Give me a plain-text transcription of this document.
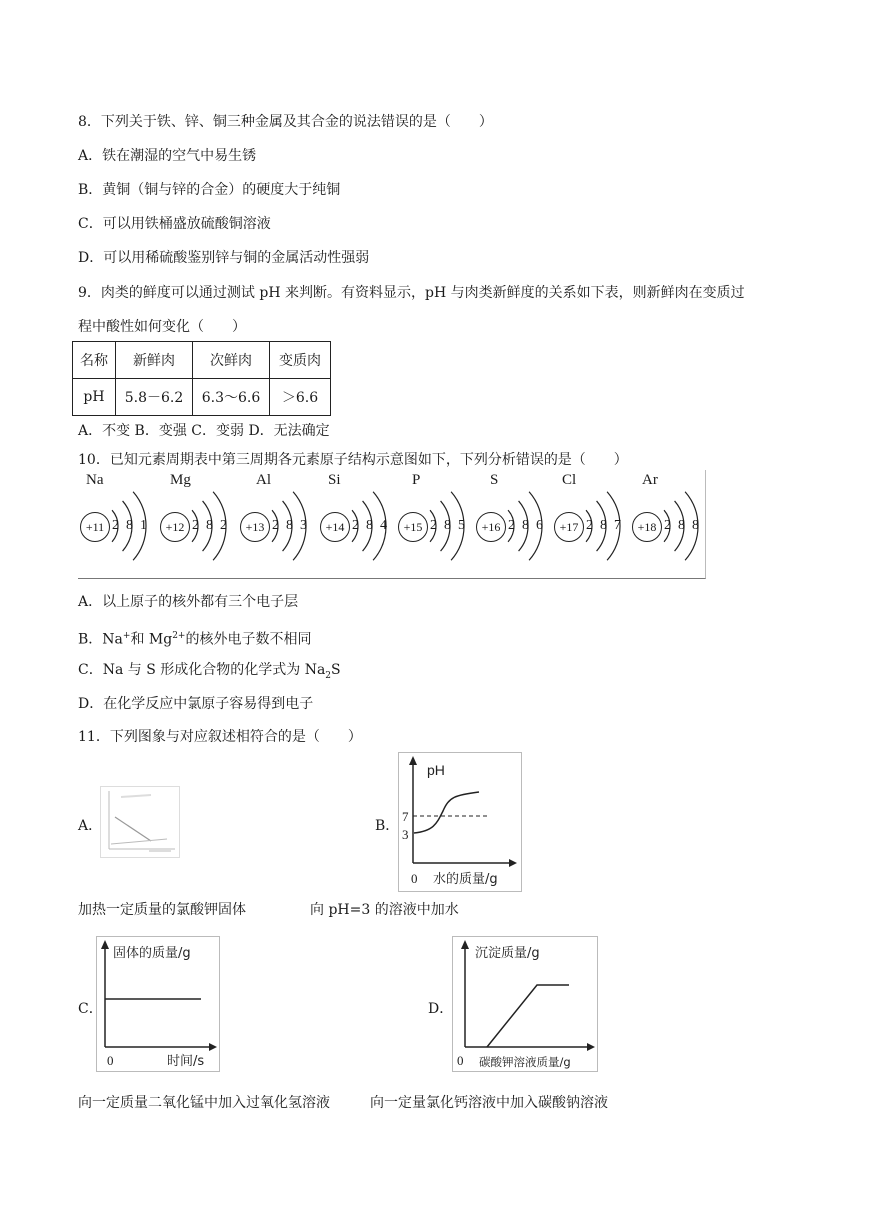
8．下列关于铁、锌、铜三种金属及其合金的说法错误的是（　　）
A．铁在潮湿的空气中易生锈
B．黄铜（铜与锌的合金）的硬度大于纯铜
C．可以用铁桶盛放硫酸铜溶液
D．可以用稀硫酸鉴别锌与铜的金属活动性强弱
9．肉类的鲜度可以通过测试 pH 来判断。有资料显示，pH 与肉类新鲜度的关系如下表，则新鲜肉在变质过
程中酸性如何变化（　　）
名称	新鲜肉	次鲜肉	变质肉
pH	5.8－6.2	6.3～6.6	＞6.6
A．不变 B．变强 C．变弱 D．无法确定
10．已知元素周期表中第三周期各元素原子结构示意图如下，下列分析错误的是（　　）
Na
+11 2 8 1
Mg
+12 2 8 2
Al
+13 2 8 3
Si
+14 2 8 4
P
+15 2 8 5
S
+16 2 8 6
Cl
+17 2 8 7
Ar
+18 2 8 8
A．以上原子的核外都有三个电子层
B．Na+和 $Mg^{2+}$的核外电子数不相同
C．Na 与 S 形成化合物的化学式为 $Na_2S$
D．在化学反应中氯原子容易得到电子
11．下列图象与对应叙述相符合的是（　　）
A．	B．
pH
7
3
0 水的质量/g
加热一定质量的氯酸钾固体	向 pH=3 的溶液中加水
C．
固体的质量/g
0	时间/s
D．
沉淀质量/g
0 碳酸钾溶液质量/g
向一定质量二氧化锰中加入过氧化氢溶液	向一定量氯化钙溶液中加入碳酸钠溶液
